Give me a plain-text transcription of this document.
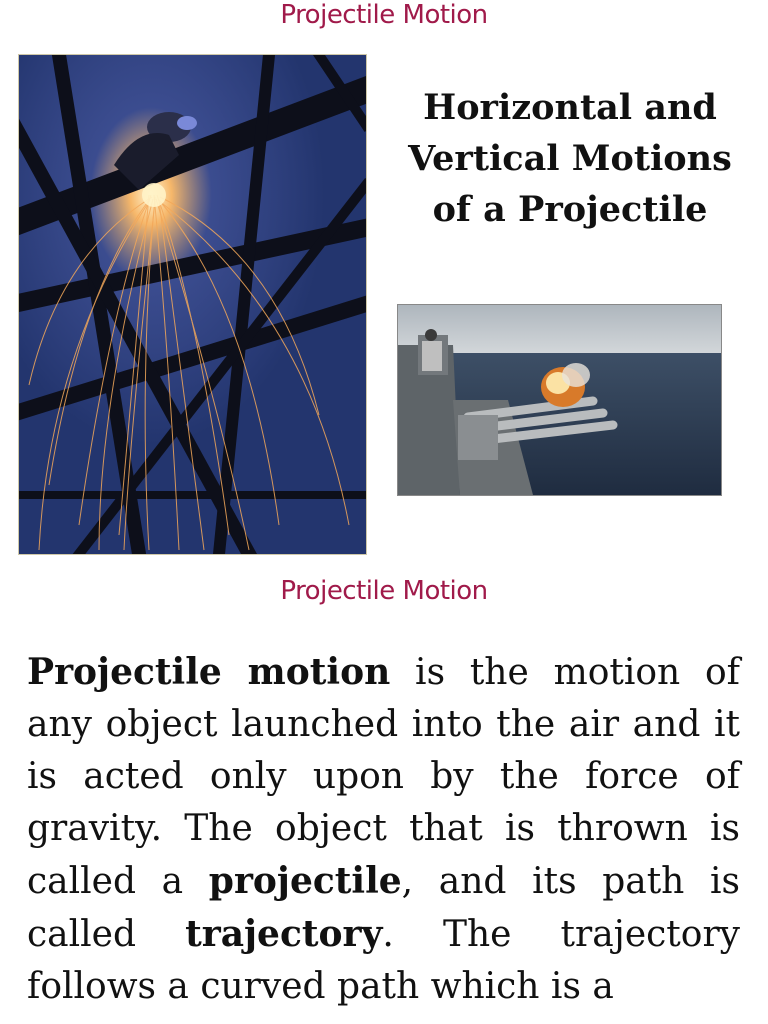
Projectile Motion
Horizontal and Vertical Motions of a Projectile
Projectile Motion
Projectile motion is the motion of any object launched into the air and it is acted only upon by the force of gravity. The object that is thrown is called a projectile, and its path is called trajectory. The trajectory follows a curved path which is a
